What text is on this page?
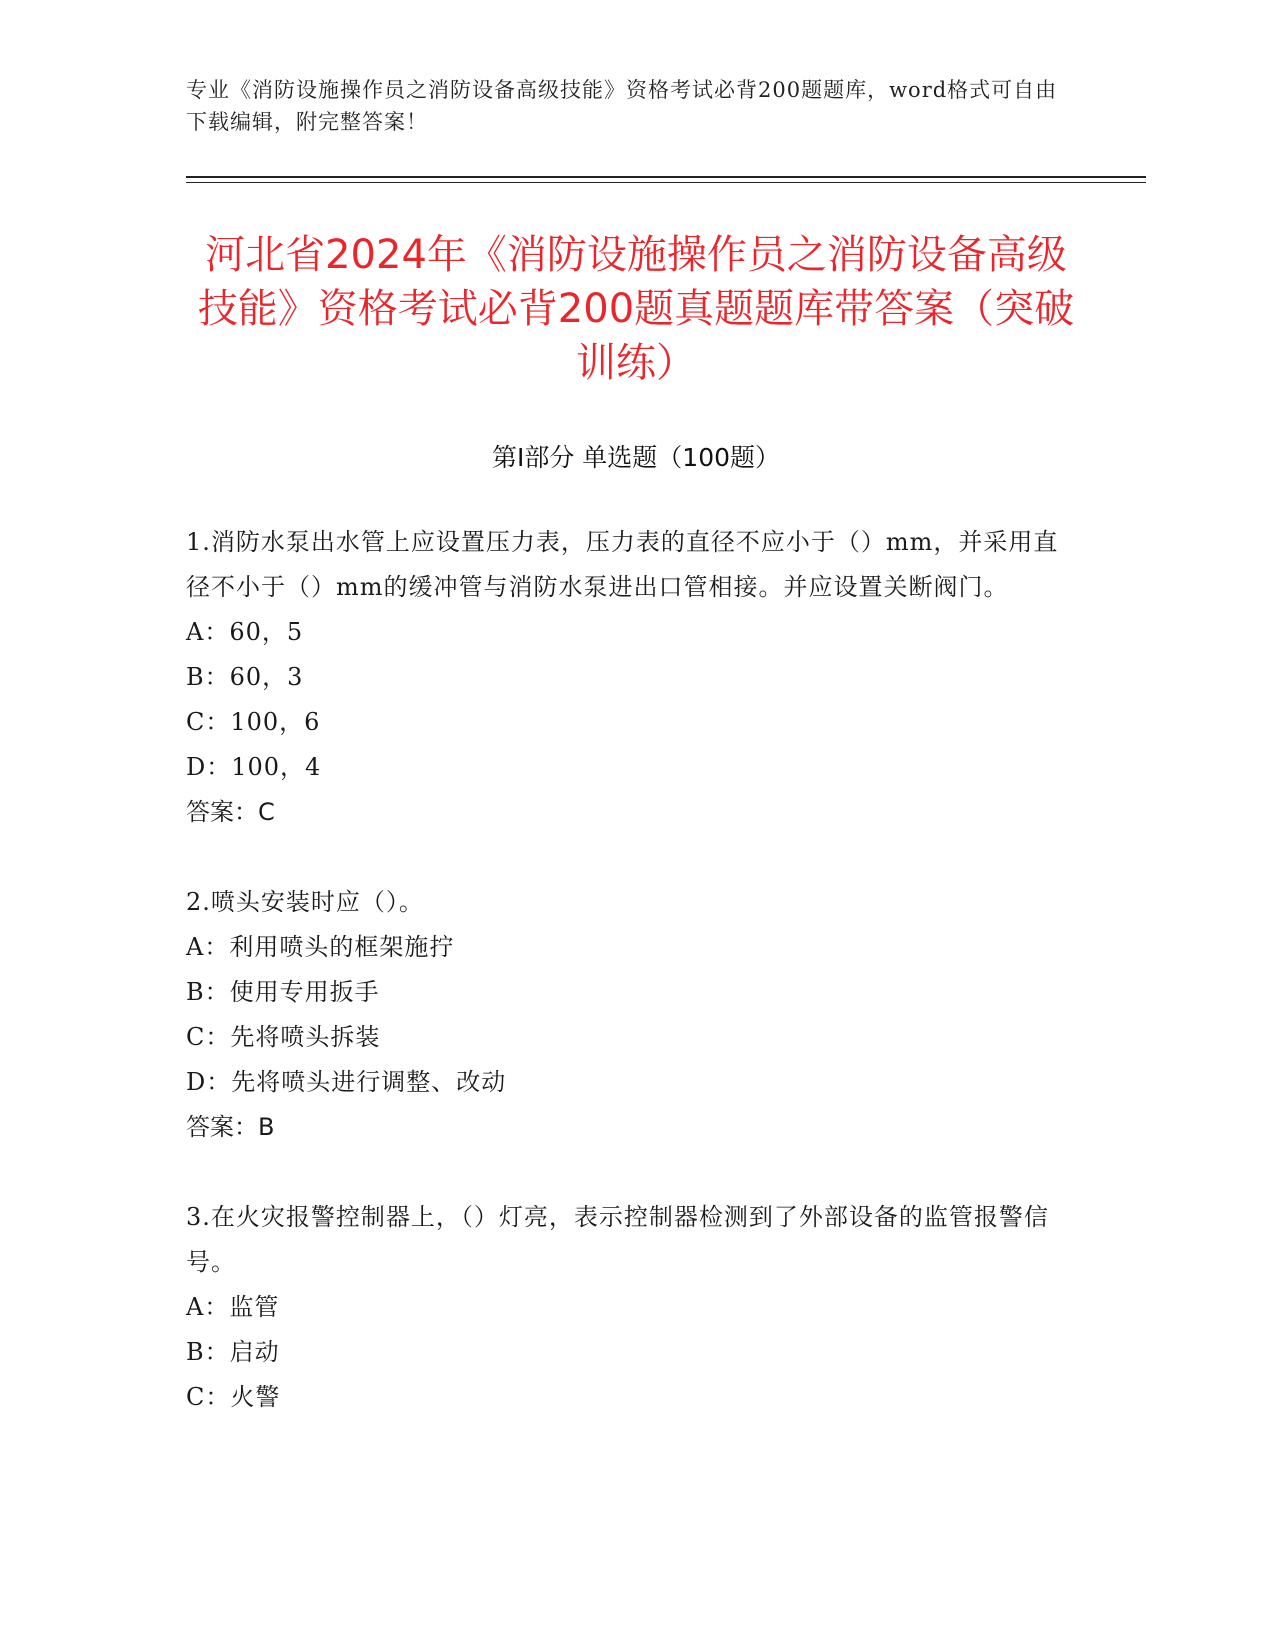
专业《消防设施操作员之消防设备高级技能》资格考试必背200题题库，word格式可自由下载编辑，附完整答案！
河北省2024年《消防设施操作员之消防设备高级技能》资格考试必背200题真题题库带答案（突破训练）
第I部分 单选题（100题）

1.消防水泵出水管上应设置压力表，压力表的直径不应小于（）mm，并采用直径不小于（）mm的缓冲管与消防水泵进出口管相接。并应设置关断阀门。

A：60，5

B：60，3

C：100，6

D：100，4

答案：C

2.喷头安装时应（）。

A：利用喷头的框架施拧

B：使用专用扳手

C：先将喷头拆装

D：先将喷头进行调整、改动

答案：B

3.在火灾报警控制器上，（）灯亮，表示控制器检测到了外部设备的监管报警信号。

A：监管

B：启动

C：火警
